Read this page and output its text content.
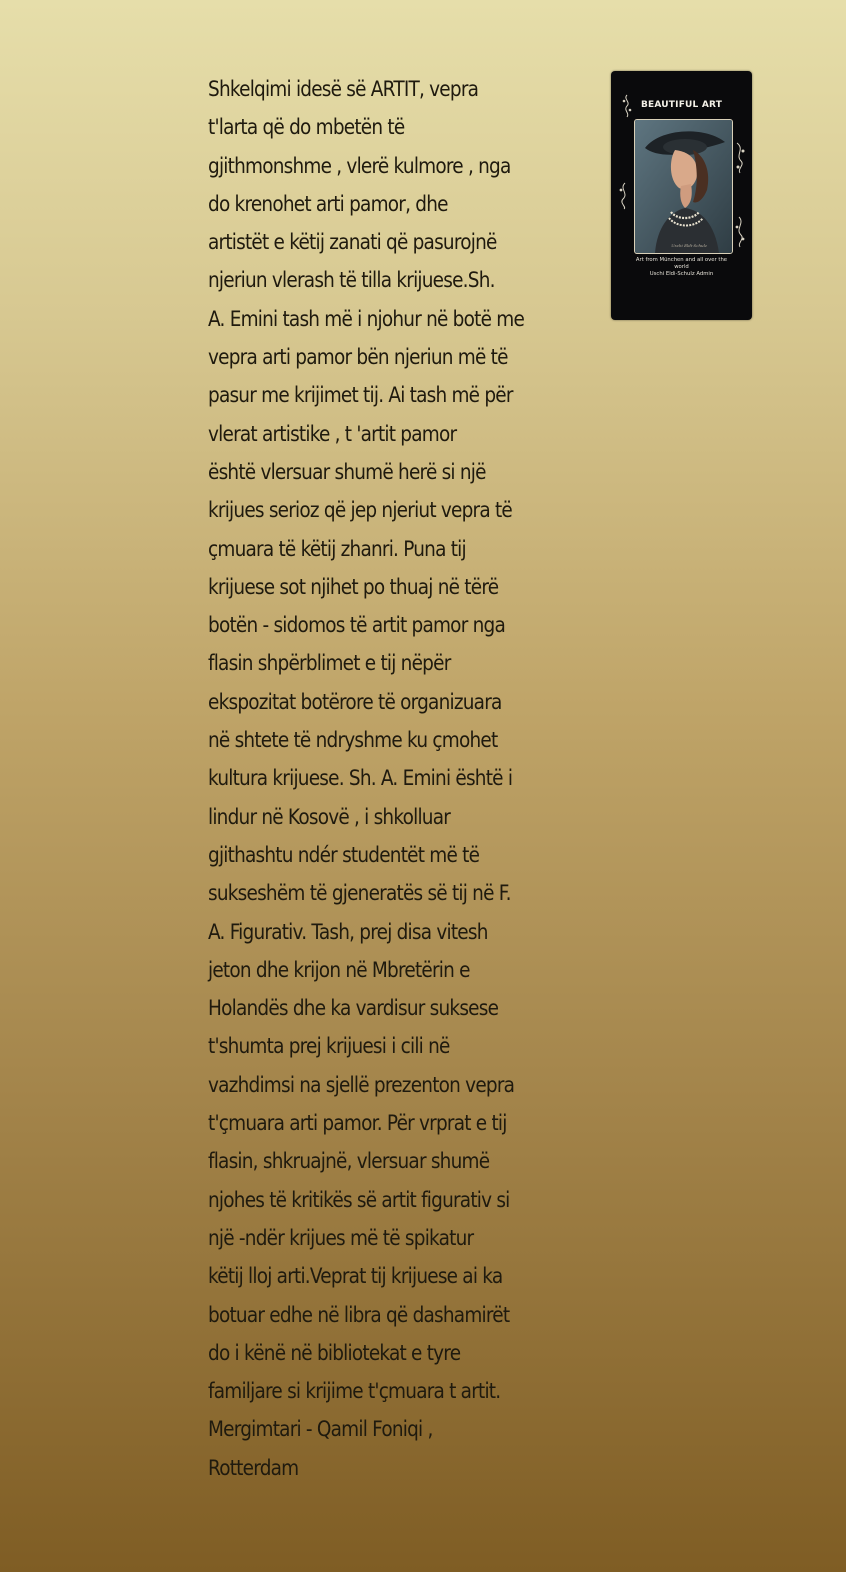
Shkelqimi idesë së ARTIT, vepra
t'larta që do mbetën të
gjithmonshme , vlerë kulmore , nga
do krenohet arti pamor, dhe
artistët e këtij zanati që pasurojnë
njeriun vlerash të tilla krijuese.Sh.
A. Emini tash më i njohur në botë me
vepra arti pamor bën njeriun më të
pasur me krijimet tij. Ai tash më për
vlerat artistike , t 'artit pamor
është vlersuar shumë herë si një
krijues serioz që jep njeriut vepra të
çmuara të këtij zhanri. Puna tij
krijuese sot njihet po thuaj në tërë
botën - sidomos të artit pamor nga
flasin shpërblimet e tij nëpër
ekspozitat botërore të organizuara
në shtete të ndryshme ku çmohet
kultura krijuese. Sh. A. Emini është i
lindur në Kosovë , i shkolluar
gjithashtu ndér studentët më të
sukseshëm të gjeneratës së tij në F.
A. Figurativ. Tash, prej disa vitesh
jeton dhe krijon në Mbretërin e
Holandës dhe ka vardisur suksese
t'shumta prej krijuesi i cili në
vazhdimsi na sjellë prezenton vepra
t'çmuara arti pamor. Për vrprat e tij
flasin, shkruajnë, vlersuar shumë
njohes të kritikës së artit figurativ si
një -ndër krijues më të spikatur
këtij lloj arti.Veprat tij krijuese ai ka
botuar edhe në libra që dashamirët
do i kënë në bibliotekat e tyre
familjare si krijime t'çmuara t artit.
Mergimtari - Qamil Foniqi ,
Rotterdam
BEAUTIFUL ART
Uschi Eldi-Schulz
Art from München and all over the
world
Uschi Eldi-Schulz Admin
